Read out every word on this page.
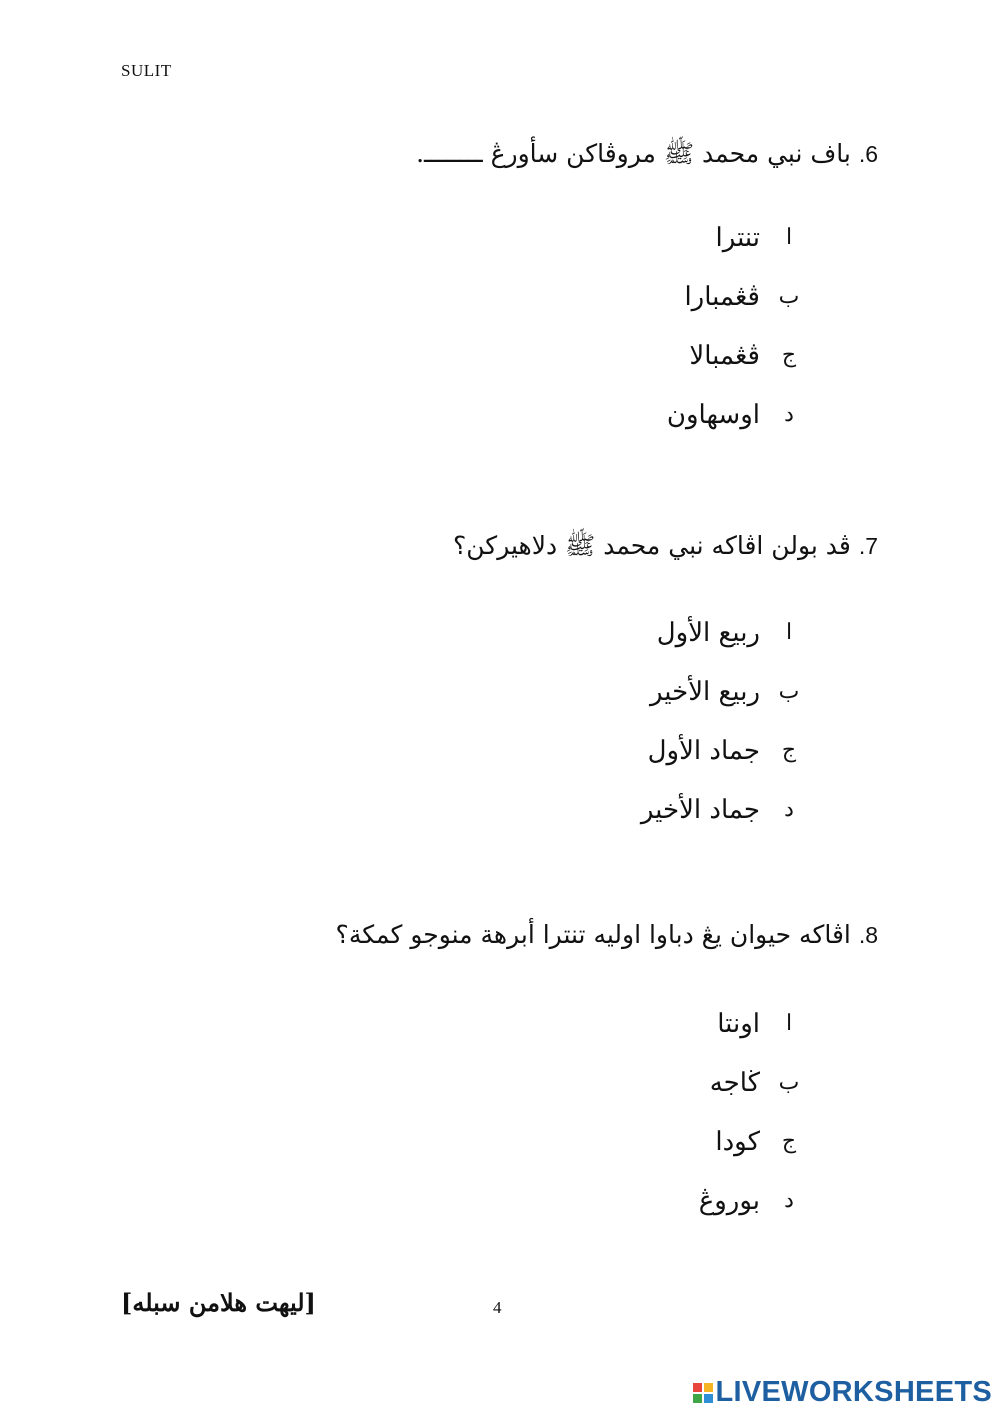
SULIT
6. باف نبي محمد ﷺ مروڤاكن سأورڠ ــــــــ.
ا
تنترا
ب
ڤڠمبارا
ج
ڤڠمبالا
د
اوسهاون
7. ڤد بولن اڤاكه نبي محمد ﷺ دلاهيركن؟
ا
ربيع الأول
ب
ربيع الأخير
ج
جماد الأول
د
جماد الأخير
8. اڤاكه حيوان يڠ دباوا اوليه تنترا أبرهة منوجو كمكة؟
ا
اونتا
ب
ڬاجه
ج
كودا
د
بوروڠ
[ليهت هلامن سبله]	4
LIVEWORKSHEETS
